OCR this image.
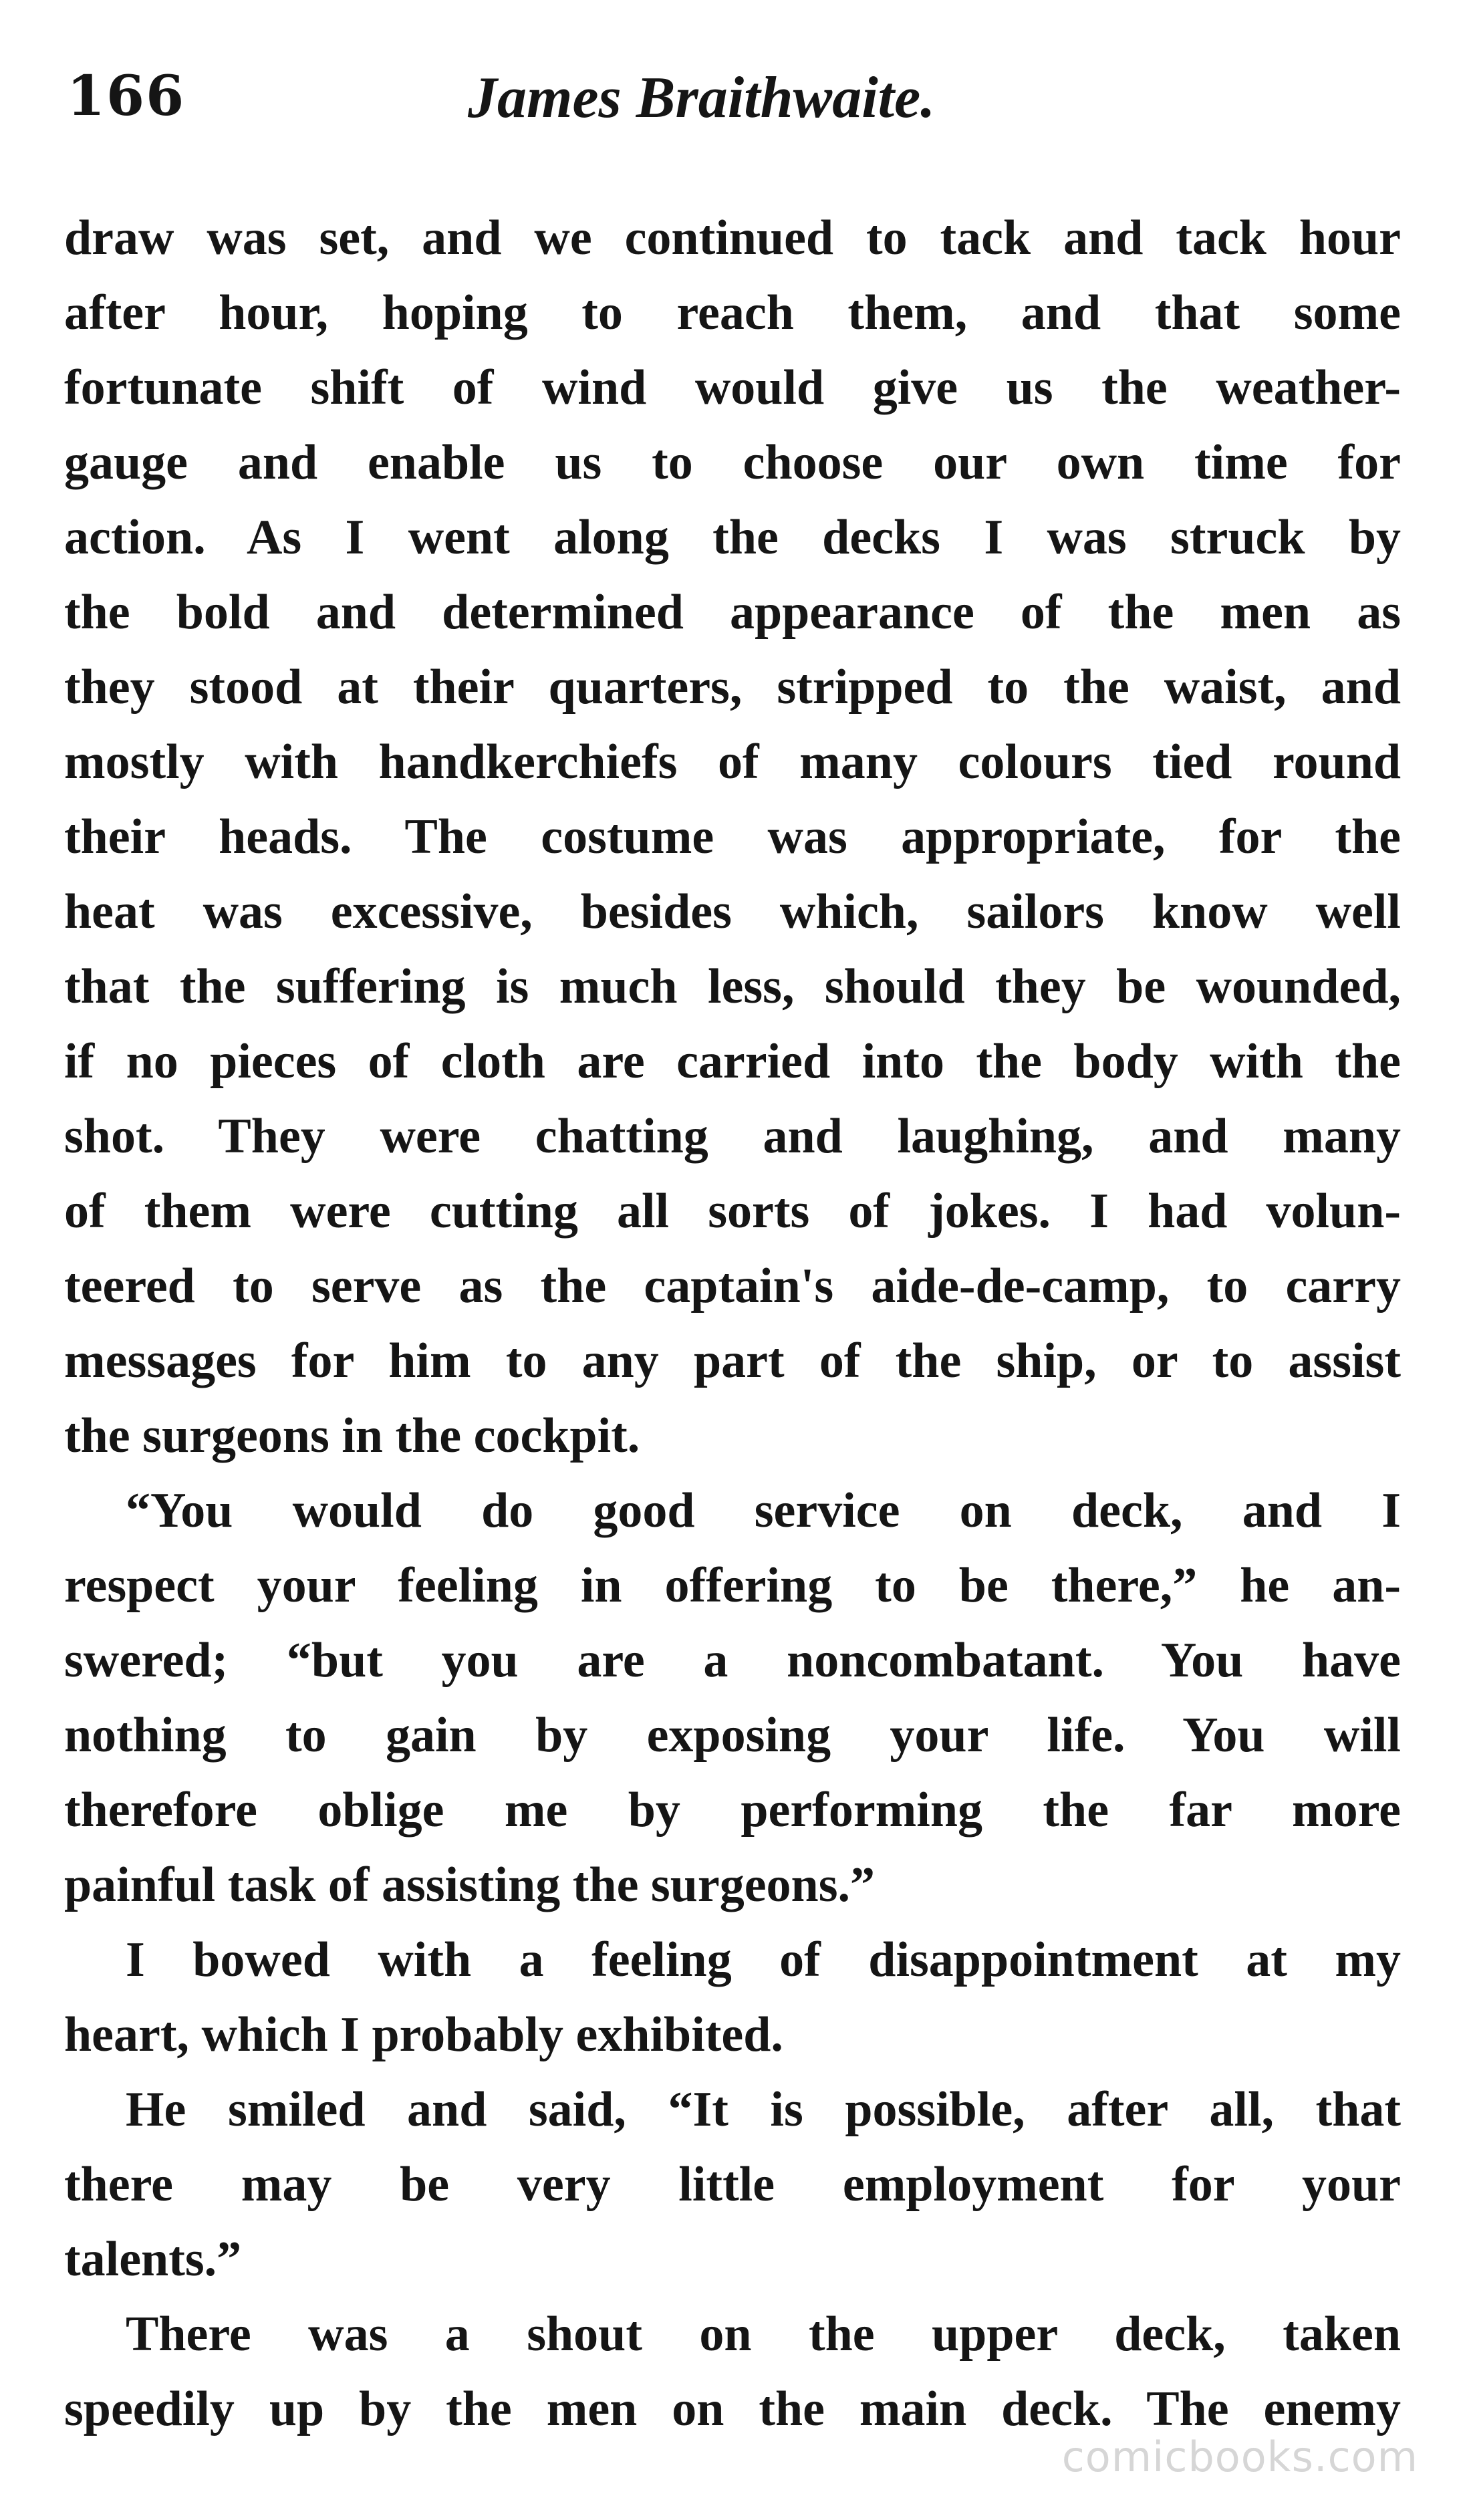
166	James Braithwaite.
draw was set, and we continued to tack and tack hour
after hour, hoping to reach them, and that some
fortunate shift of wind would give us the weather-
gauge and enable us to choose our own time for
action. As I went along the decks I was struck by
the bold and determined appearance of the men as
they stood at their quarters, stripped to the waist, and
mostly with handkerchiefs of many colours tied round
their heads. The costume was appropriate, for the
heat was excessive, besides which, sailors know well
that the suffering is much less, should they be wounded,
if no pieces of cloth are carried into the body with the
shot. They were chatting and laughing, and many
of them were cutting all sorts of jokes. I had volun-
teered to serve as the captain's aide-de-camp, to carry
messages for him to any part of the ship, or to assist
the surgeons in the cockpit.
“You would do good service on deck, and I
respect your feeling in offering to be there,” he an-
swered; “but you are a noncombatant. You have
nothing to gain by exposing your life. You will
therefore oblige me by performing the far more
painful task of assisting the surgeons.”
I bowed with a feeling of disappointment at my
heart, which I probably exhibited.
He smiled and said, “It is possible, after all, that
there may be very little employment for your
talents.”
There was a shout on the upper deck, taken
speedily up by the men on the main deck. The enemy
comicbooks.com
